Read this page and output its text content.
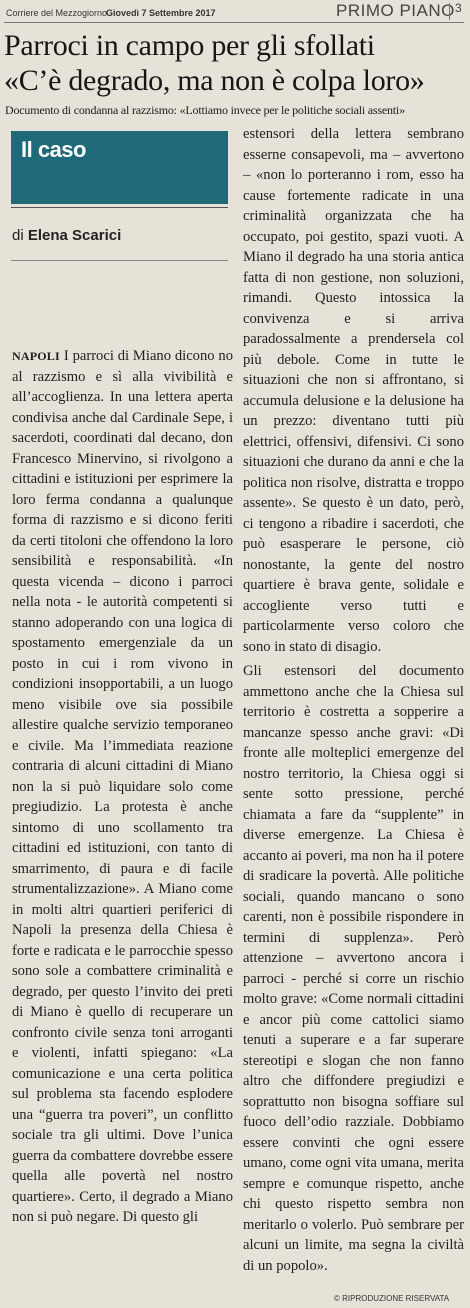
Corriere del Mezzogiorno
Giovedì 7 Settembre 2017	PRIMO PIANO 3
Parroci in campo per gli sfollati
«C’è degrado, ma non è colpa loro»

Documento di condanna al razzismo: «Lottiamo invece per le politiche sociali assenti»

Il caso
di Elena Scarici

NAPOLI I parroci di Miano dicono no al razzismo e sì alla vivibilità e all’accoglienza. In una lettera aperta condivisa anche dal Cardinale Sepe, i sacerdoti, coordinati dal decano, don Francesco Minervino, si rivolgono a cittadini e istituzioni per esprimere la loro ferma condanna a qualunque forma di razzismo e si dicono feriti da certi titoloni che offendono la loro sensibilità e responsabilità. «In questa vicenda – dicono i parroci nella nota - le autorità competenti si stanno adoperando con una logica di spostamento emergenziale da un posto in cui i rom vivono in condizioni insopportabili, a un luogo meno visibile ove sia possibile allestire qualche servizio temporaneo e civile. Ma l’immediata reazione contraria di alcuni cittadini di Miano non la si può liquidare solo come pregiudizio. La protesta è anche sintomo di uno scollamento tra cittadini ed istituzioni, con tanto di smarrimento, di paura e di facile strumentalizzazione». A Miano come in molti altri quartieri periferici di Napoli la presenza della Chiesa è forte e radicata e le parrocchie spesso sono sole a combattere criminalità e degrado, per questo l’invito dei preti di Miano è quello di recuperare un confronto civile senza toni arroganti e violenti, infatti spiegano: «La comunicazione e una certa politica sul problema sta facendo esplodere una “guerra tra poveri”, un conflitto sociale tra gli ultimi. Dove l’unica guerra da combattere dovrebbe essere quella alle povertà nel nostro quartiere». Certo, il degrado a Miano non si può negare. Di questo gli

estensori della lettera sembrano esserne consapevoli, ma – avvertono – «non lo porteranno i rom, esso ha cause fortemente radicate in una criminalità organizzata che ha occupato, poi gestito, spazi vuoti. A Miano il degrado ha una storia antica fatta di non gestione, non soluzioni, rimandi. Questo intossica la convivenza e si arriva paradossalmente a prendersela col più debole. Come in tutte le situazioni che non si affrontano, si accumula delusione e la delusione ha un prezzo: diventano tutti più elettrici, offensivi, difensivi. Ci sono situazioni che durano da anni e che la politica non risolve, distratta e troppo assente». Se questo è un dato, però, ci tengono a ribadire i sacerdoti, che può esasperare le persone, ciò nonostante, la gente del nostro quartiere è brava gente, solidale e accogliente verso tutti e particolarmente verso coloro che sono in stato di disagio.

Gli estensori del documento ammettono anche che la Chiesa sul territorio è costretta a sopperire a mancanze spesso anche gravi: «Di fronte alle molteplici emergenze del nostro territorio, la Chiesa oggi si sente sotto pressione, perché chiamata a fare da “supplente” in diverse emergenze. La Chiesa è accanto ai poveri, ma non ha il potere di sradicare la povertà. Alle politiche sociali, quando mancano o sono carenti, non è possibile rispondere in termini di supplenza». Però attenzione – avvertono ancora i parroci - perché si corre un rischio molto grave: «Come normali cittadini e ancor più come cattolici siamo tenuti a superare e a far superare stereotipi e slogan che non fanno altro che diffondere pregiudizi e soprattutto non bisogna soffiare sul fuoco dell’odio razziale. Dobbiamo essere convinti che ogni essere umano, come ogni vita umana, merita sempre e comunque rispetto, anche chi questo rispetto sembra non meritarlo o volerlo. Può sembrare per alcuni un limite, ma segna la civiltà di un popolo».

© RIPRODUZIONE RISERVATA
